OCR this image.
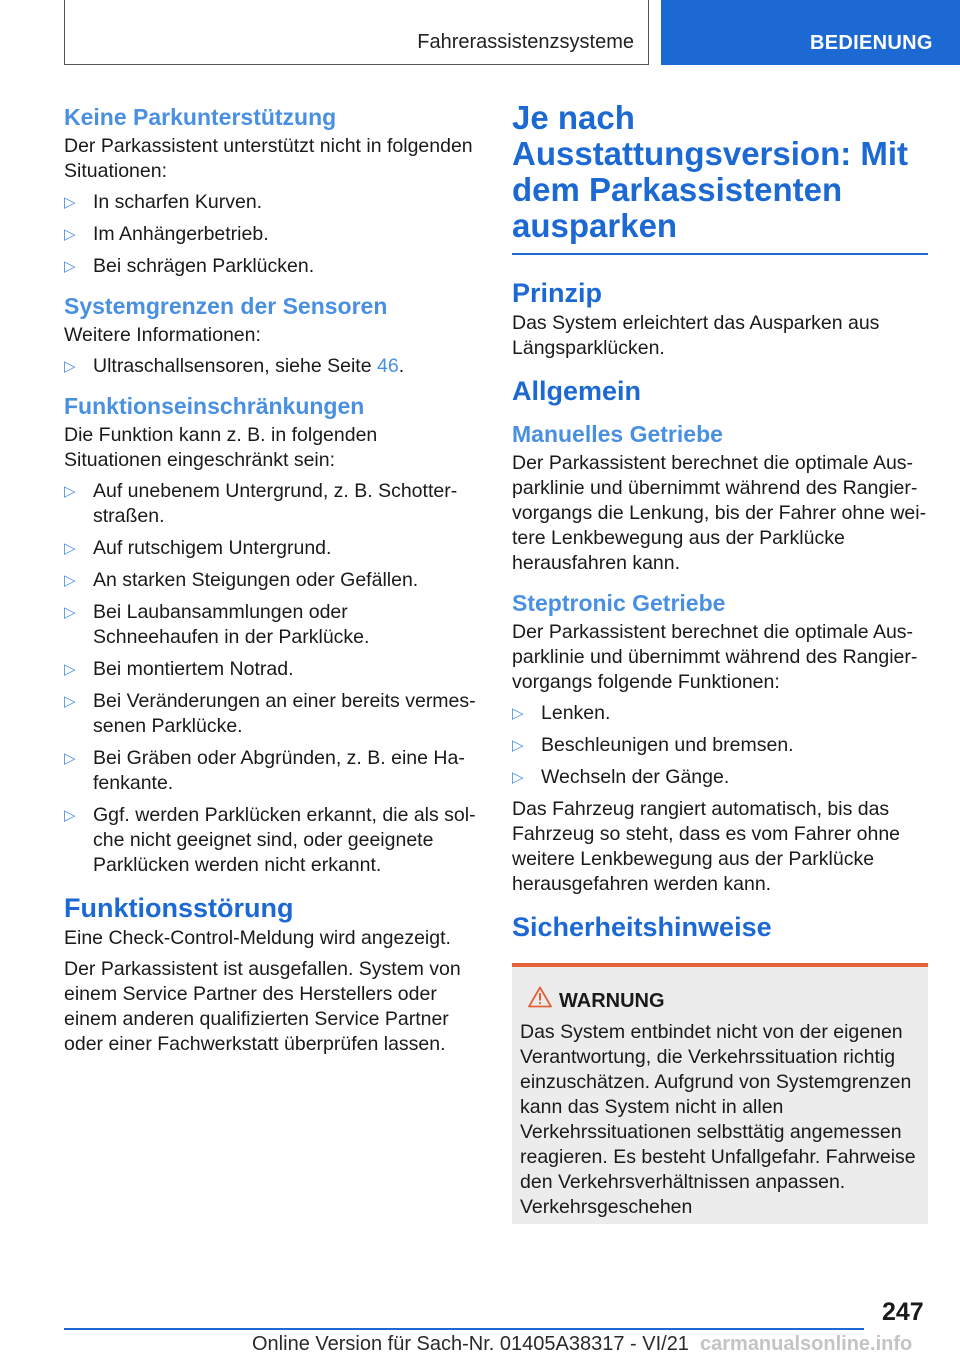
Fahrerassistenzsysteme	BEDIENUNG
Keine Parkunterstützung

Der Parkassistent unterstützt nicht in folgenden Situationen:

▷ In scharfen Kurven.
▷ Im Anhängerbetrieb.
▷ Bei schrägen Parklücken.
Systemgrenzen der Sensoren

Weitere Informationen:

▷ Ultraschallsensoren, siehe Seite 46.
Funktionseinschränkungen

Die Funktion kann z. B. in folgenden Situationen eingeschränkt sein:

▷ Auf unebenem Untergrund, z. B. Schotterstraßen.
▷ Auf rutschigem Untergrund.
▷ An starken Steigungen oder Gefällen.
▷ Bei Laubansammlungen oder Schneehaufen in der Parklücke.
▷ Bei montiertem Notrad.
▷ Bei Veränderungen an einer bereits vermessenen Parklücke.
▷ Bei Gräben oder Abgründen, z. B. eine Hafenkante.
▷ Ggf. werden Parklücken erkannt, die als solche nicht geeignet sind, oder geeignete Parklücken werden nicht erkannt.
Funktionsstörung

Eine Check-Control-Meldung wird angezeigt.

Der Parkassistent ist ausgefallen. System von einem Service Partner des Herstellers oder einem anderen qualifizierten Service Partner oder einer Fachwerkstatt überprüfen lassen.

Je nach Ausstattungsversion: Mit dem Parkassistenten ausparken
Prinzip

Das System erleichtert das Ausparken aus Längsparklücken.

Allgemein
Manuelles Getriebe

Der Parkassistent berechnet die optimale Ausparklinie und übernimmt während des Rangiervorgangs die Lenkung, bis der Fahrer ohne weitere Lenkbewegung aus der Parklücke herausfahren kann.

Steptronic Getriebe

Der Parkassistent berechnet die optimale Ausparklinie und übernimmt während des Rangiervorgangs folgende Funktionen:

▷ Lenken.
▷ Beschleunigen und bremsen.
▷ Wechseln der Gänge.

Das Fahrzeug rangiert automatisch, bis das Fahrzeug so steht, dass es vom Fahrer ohne weitere Lenkbewegung aus der Parklücke herausgefahren werden kann.

Sicherheitshinweise
WARNUNG
Das System entbindet nicht von der eigenen Verantwortung, die Verkehrssituation richtig einzuschätzen. Aufgrund von Systemgrenzen kann das System nicht in allen Verkehrssituationen selbsttätig angemessen reagieren. Es besteht Unfallgefahr. Fahrweise den Verkehrsverhältnissen anpassen. Verkehrsgeschehen
247
Online Version für Sach-Nr. 01405A38317 - VI/21 carmanualsonline.info
